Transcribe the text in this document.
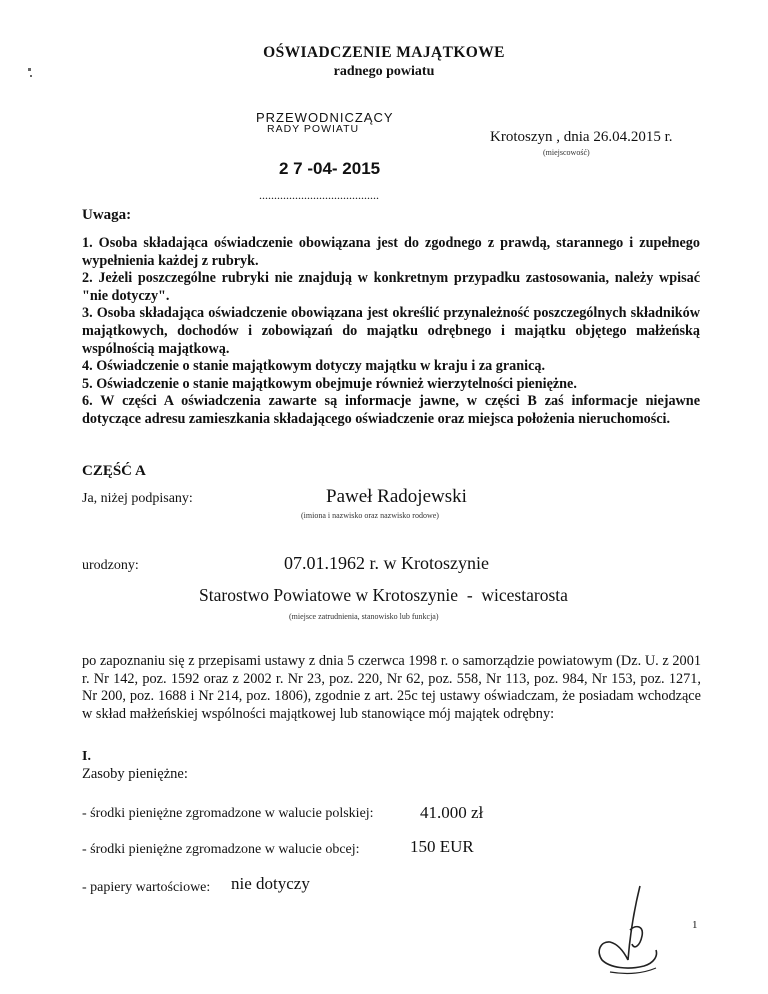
OŚWIADCZENIE MAJĄTKOWE
radnego powiatu
PRZEWODNICZĄCY
RADY POWIATU
2 7 -04- 2015
Krotoszyn , dnia 26.04.2015 r.
(miejscowość)
........................................
Uwaga:

1. Osoba składająca oświadczenie obowiązana jest do zgodnego z prawdą, starannego i zupełnego wypełnienia każdej z rubryk.

2. Jeżeli poszczególne rubryki nie znajdują w konkretnym przypadku zastosowania, należy wpisać "nie dotyczy".

3. Osoba składająca oświadczenie obowiązana jest określić przynależność poszczególnych składników majątkowych, dochodów i zobowiązań do majątku odrębnego i majątku objętego małżeńską wspólnością majątkową.

4. Oświadczenie o stanie majątkowym dotyczy majątku w kraju i za granicą.

5. Oświadczenie o stanie majątkowym obejmuje również wierzytelności pieniężne.

6. W części A oświadczenia zawarte są informacje jawne, w części B zaś informacje niejawne dotyczące adresu zamieszkania składającego oświadczenie oraz miejsca położenia nieruchomości.

CZĘŚĆ A
Ja, niżej podpisany:	Paweł Radojewski
(imiona i nazwisko oraz nazwisko rodowe)
urodzony:	07.01.1962 r. w Krotoszynie
Starostwo Powiatowe w Krotoszynie  -  wicestarosta
(miejsce zatrudnienia, stanowisko lub funkcja)
po zapoznaniu się z przepisami ustawy z dnia 5 czerwca 1998 r. o samorządzie powiatowym (Dz. U. z 2001 r. Nr 142, poz. 1592 oraz z 2002 r. Nr 23, poz. 220, Nr 62, poz. 558, Nr 113, poz. 984, Nr 153, poz. 1271, Nr 200, poz. 1688 i Nr 214, poz. 1806), zgodnie z art. 25c tej ustawy oświadczam, że posiadam wchodzące w skład małżeńskiej wspólności majątkowej lub stanowiące mój majątek odrębny:
I.
Zasoby pieniężne:
- środki pieniężne zgromadzone w walucie polskiej:	41.000 zł
- środki pieniężne zgromadzone w walucie obcej:	150 EUR
- papiery wartościowe: nie dotyczy
1
